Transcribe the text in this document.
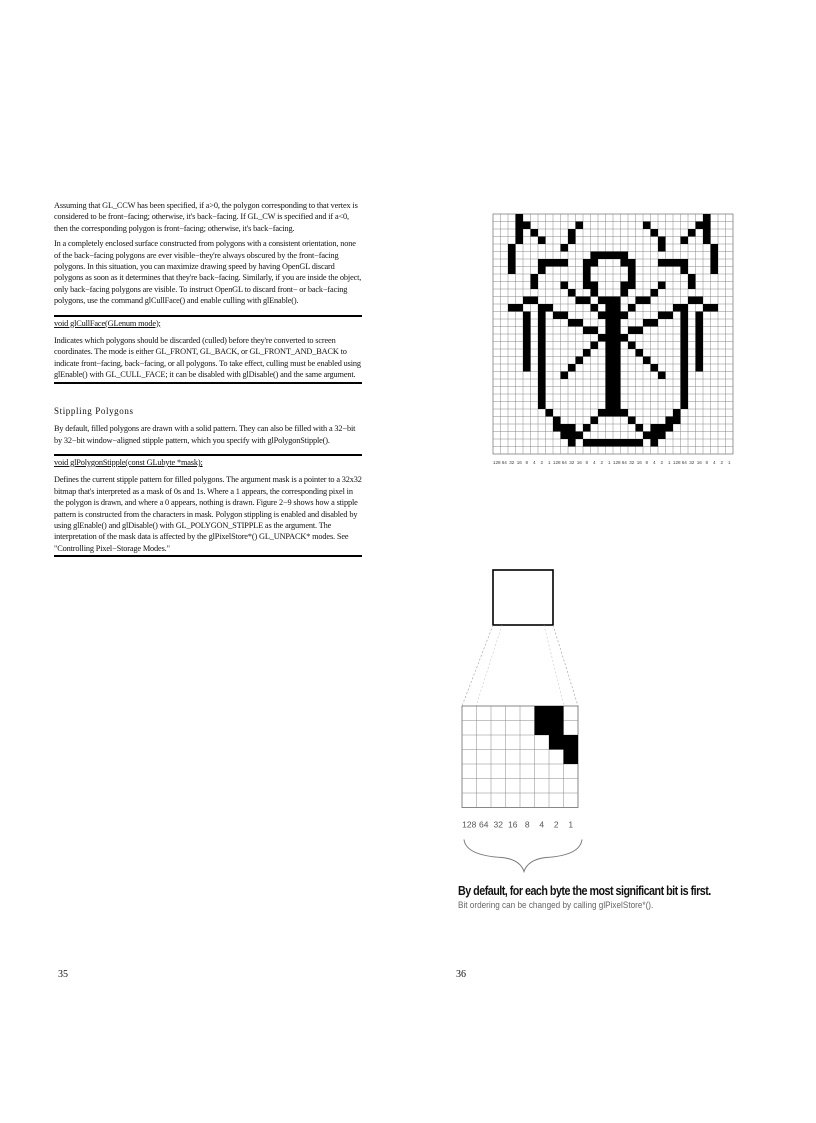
Assuming that GL_CCW has been specified, if a>0, the polygon corresponding to that vertex is considered to be front−facing; otherwise, it's back−facing. If GL_CW is specified and if a<0, then the corresponding polygon is front−facing; otherwise, it's back−facing.

In a completely enclosed surface constructed from polygons with a consistent orientation, none of the back−facing polygons are ever visible−they're always obscured by the front−facing polygons. In this situation, you can maximize drawing speed by having OpenGL discard polygons as soon as it determines that they're back−facing. Similarly, if you are inside the object, only back−facing polygons are visible. To instruct OpenGL to discard front− or back−facing polygons, use the command glCullFace() and enable culling with glEnable().

void glCullFace(GLenum mode);

Indicates which polygons should be discarded (culled) before they're converted to screen coordinates. The mode is either GL_FRONT, GL_BACK, or GL_FRONT_AND_BACK to indicate front−facing, back−facing, or all polygons. To take effect, culling must be enabled using glEnable() with GL_CULL_FACE; it can be disabled with glDisable() and the same argument.

Stippling Polygons

By default, filled polygons are drawn with a solid pattern. They can also be filled with a 32−bit by 32−bit window−aligned stipple pattern, which you specify with glPolygonStipple().

void glPolygonStipple(const GLubyte *mask);

Defines the current stipple pattern for filled polygons. The argument mask is a pointer to a 32x32 bitmap that's interpreted as a mask of 0s and 1s. Where a 1 appears, the corresponding pixel in the polygon is drawn, and where a 0 appears, nothing is drawn. Figure 2−9 shows how a stipple pattern is constructed from the characters in mask. Polygon stippling is enabled and disabled by using glEnable() and glDisable() with GL_POLYGON_STIPPLE as the argument. The interpretation of the mask data is affected by the glPixelStore*() GL_UNPACK* modes. See "Controlling Pixel−Storage Modes."

35	36
128 64 32 16 8 4 2 1 128 64 32 16 8 4 2 1 128 64 32 16 8 4 2 1 128 64 32 16 8 4 2 1
128 64 32 16 8 4 2 1
By default, for each byte the most significant bit is first.
Bit ordering can be changed by calling glPixelStore*().
